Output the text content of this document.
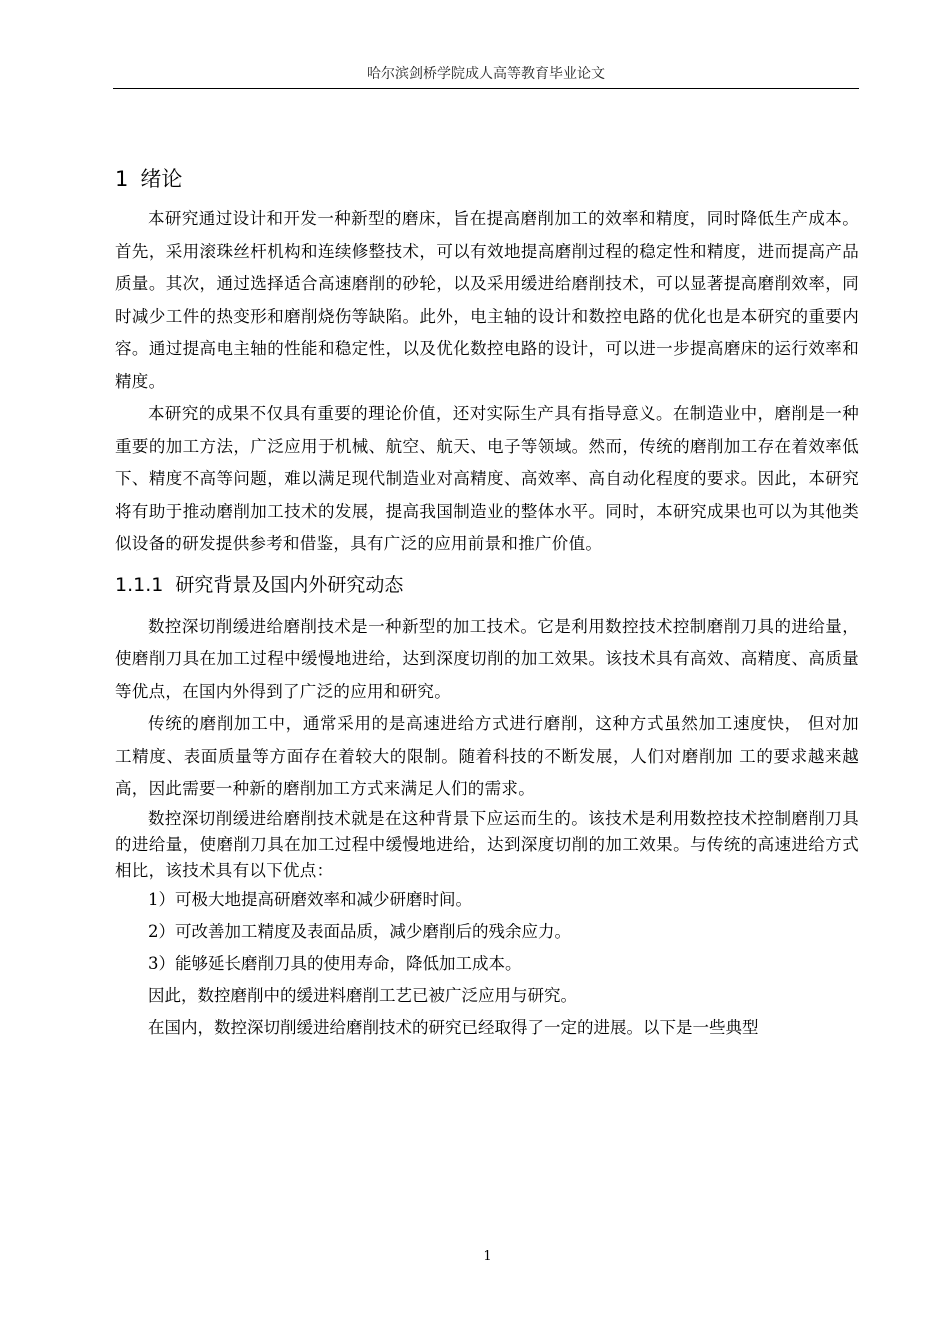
哈尔滨剑桥学院成人高等教育毕业论文
1 绪论

本研究通过设计和开发一种新型的磨床，旨在提高磨削加工的效率和精度，同时降低生产成本。首先，采用滚珠丝杆机构和连续修整技术，可以有效地提高磨削过程的稳定性和精度，进而提高产品质量。其次，通过选择适合高速磨削的砂轮，以及采用缓进给磨削技术，可以显著提高磨削效率，同时减少工件的热变形和磨削烧伤等缺陷。此外，电主轴的设计和数控电路的优化也是本研究的重要内容。通过提高电主轴的性能和稳定性，以及优化数控电路的设计，可以进一步提高磨床的运行效率和精度。

本研究的成果不仅具有重要的理论价值，还对实际生产具有指导意义。在制造业中，磨削是一种重要的加工方法，广泛应用于机械、航空、航天、电子等领域。然而，传统的磨削加工存在着效率低下、精度不高等问题，难以满足现代制造业对高精度、高效率、高自动化程度的要求。因此，本研究将有助于推动磨削加工技术的发展，提高我国制造业的整体水平。同时，本研究成果也可以为其他类似设备的研发提供参考和借鉴，具有广泛的应用前景和推广价值。

1.1.1 研究背景及国内外研究动态

数控深切削缓进给磨削技术是一种新型的加工技术。它是利用数控技术控制磨削刀具的进给量，使磨削刀具在加工过程中缓慢地进给，达到深度切削的加工效果。该技术具有高效、高精度、高质量等优点，在国内外得到了广泛的应用和研究。

传统的磨削加工中，通常采用的是高速进给方式进行磨削，这种方式虽然加工速度快， 但对加工精度、表面质量等方面存在着较大的限制。随着科技的不断发展，人们对磨削加 工的要求越来越高，因此需要一种新的磨削加工方式来满足人们的需求。

数控深切削缓进给磨削技术就是在这种背景下应运而生的。该技术是利用数控技术控制磨削刀具的进给量，使磨削刀具在加工过程中缓慢地进给，达到深度切削的加工效果。与传统的高速进给方式相比，该技术具有以下优点：

1）可极大地提高研磨效率和减少研磨时间。

2）可改善加工精度及表面品质，减少磨削后的残余应力。

3）能够延长磨削刀具的使用寿命，降低加工成本。

因此，数控磨削中的缓进料磨削工艺已被广泛应用与研究。

在国内，数控深切削缓进给磨削技术的研究已经取得了一定的进展。以下是一些典型

1
